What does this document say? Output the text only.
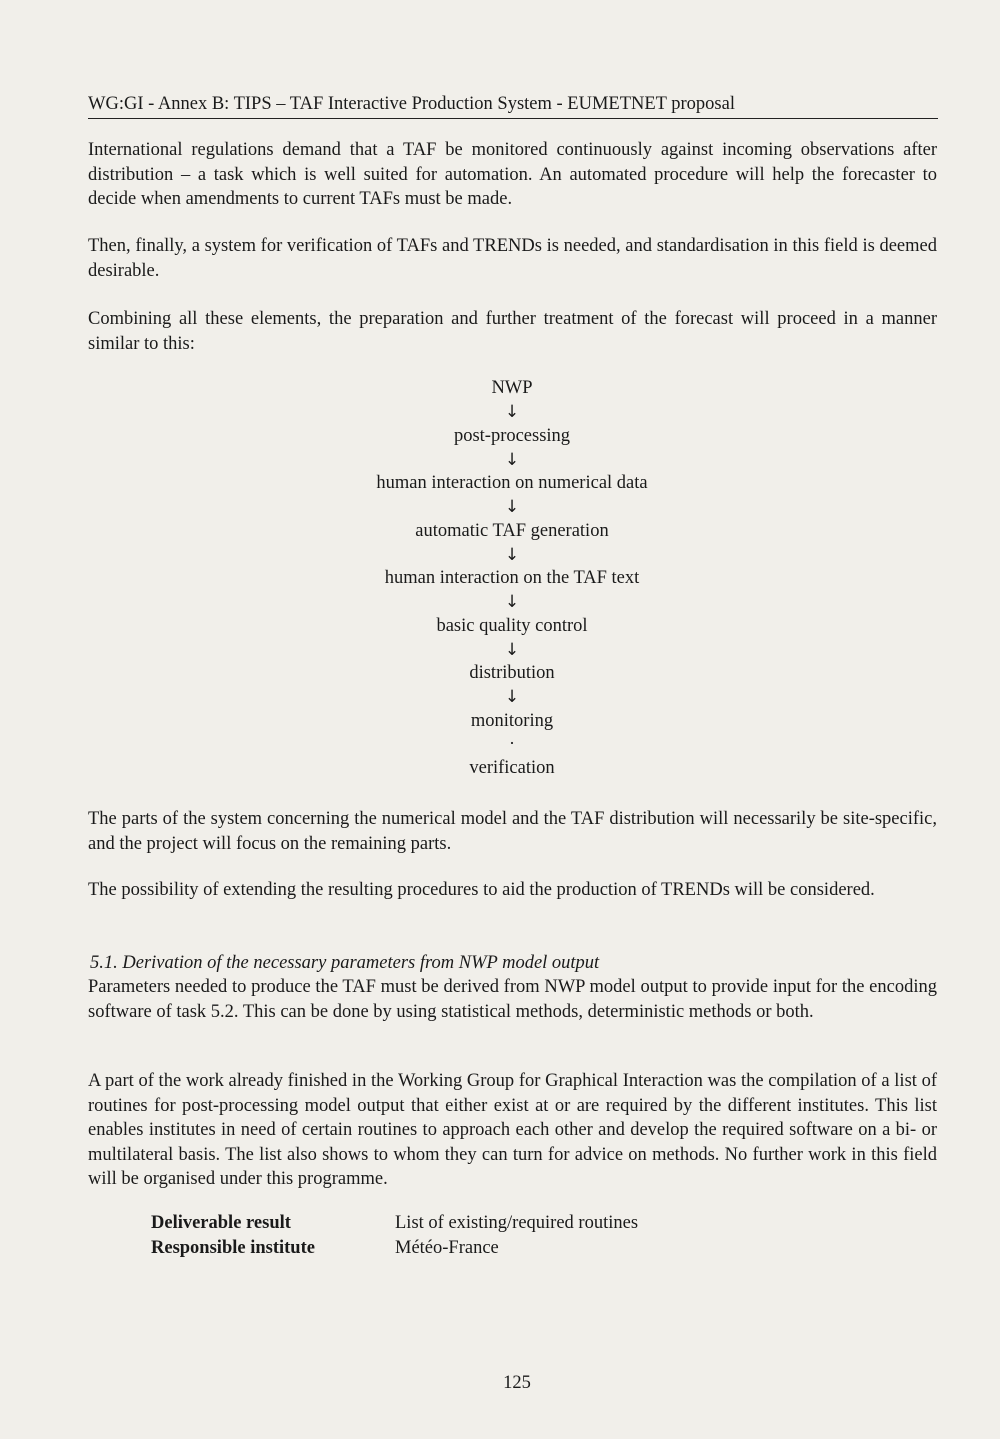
WG:GI - Annex B: TIPS – TAF Interactive Production System - EUMETNET proposal

International regulations demand that a TAF be monitored continuously against incoming observations after distribution – a task which is well suited for automation. An automated procedure will help the forecaster to decide when amendments to current TAFs must be made.

Then, finally, a system for verification of TAFs and TRENDs is needed, and standardisation in this field is deemed desirable.

Combining all these elements, the preparation and further treatment of the forecast will proceed in a manner similar to this:

NWP
↓
post-processing
↓
human interaction on numerical data
↓
automatic TAF generation
↓
human interaction on the TAF text
↓
basic quality control
↓
distribution
↓
monitoring
·
verification

The parts of the system concerning the numerical model and the TAF distribution will necessarily be site-specific, and the project will focus on the remaining parts.

The possibility of extending the resulting procedures to aid the production of TRENDs will be considered.

5.1. Derivation of the necessary parameters from NWP model output

Parameters needed to produce the TAF must be derived from NWP model output to provide input for the encoding software of task 5.2. This can be done by using statistical methods, deterministic methods or both.

A part of the work already finished in the Working Group for Graphical Interaction was the compilation of a list of routines for post-processing model output that either exist at or are required by the different institutes. This list enables institutes in need of certain routines to approach each other and develop the required software on a bi- or multilateral basis. The list also shows to whom they can turn for advice on methods. No further work in this field will be organised under this programme.

Deliverable result	List of existing/required routines
Responsible institute	Météo-France
125
